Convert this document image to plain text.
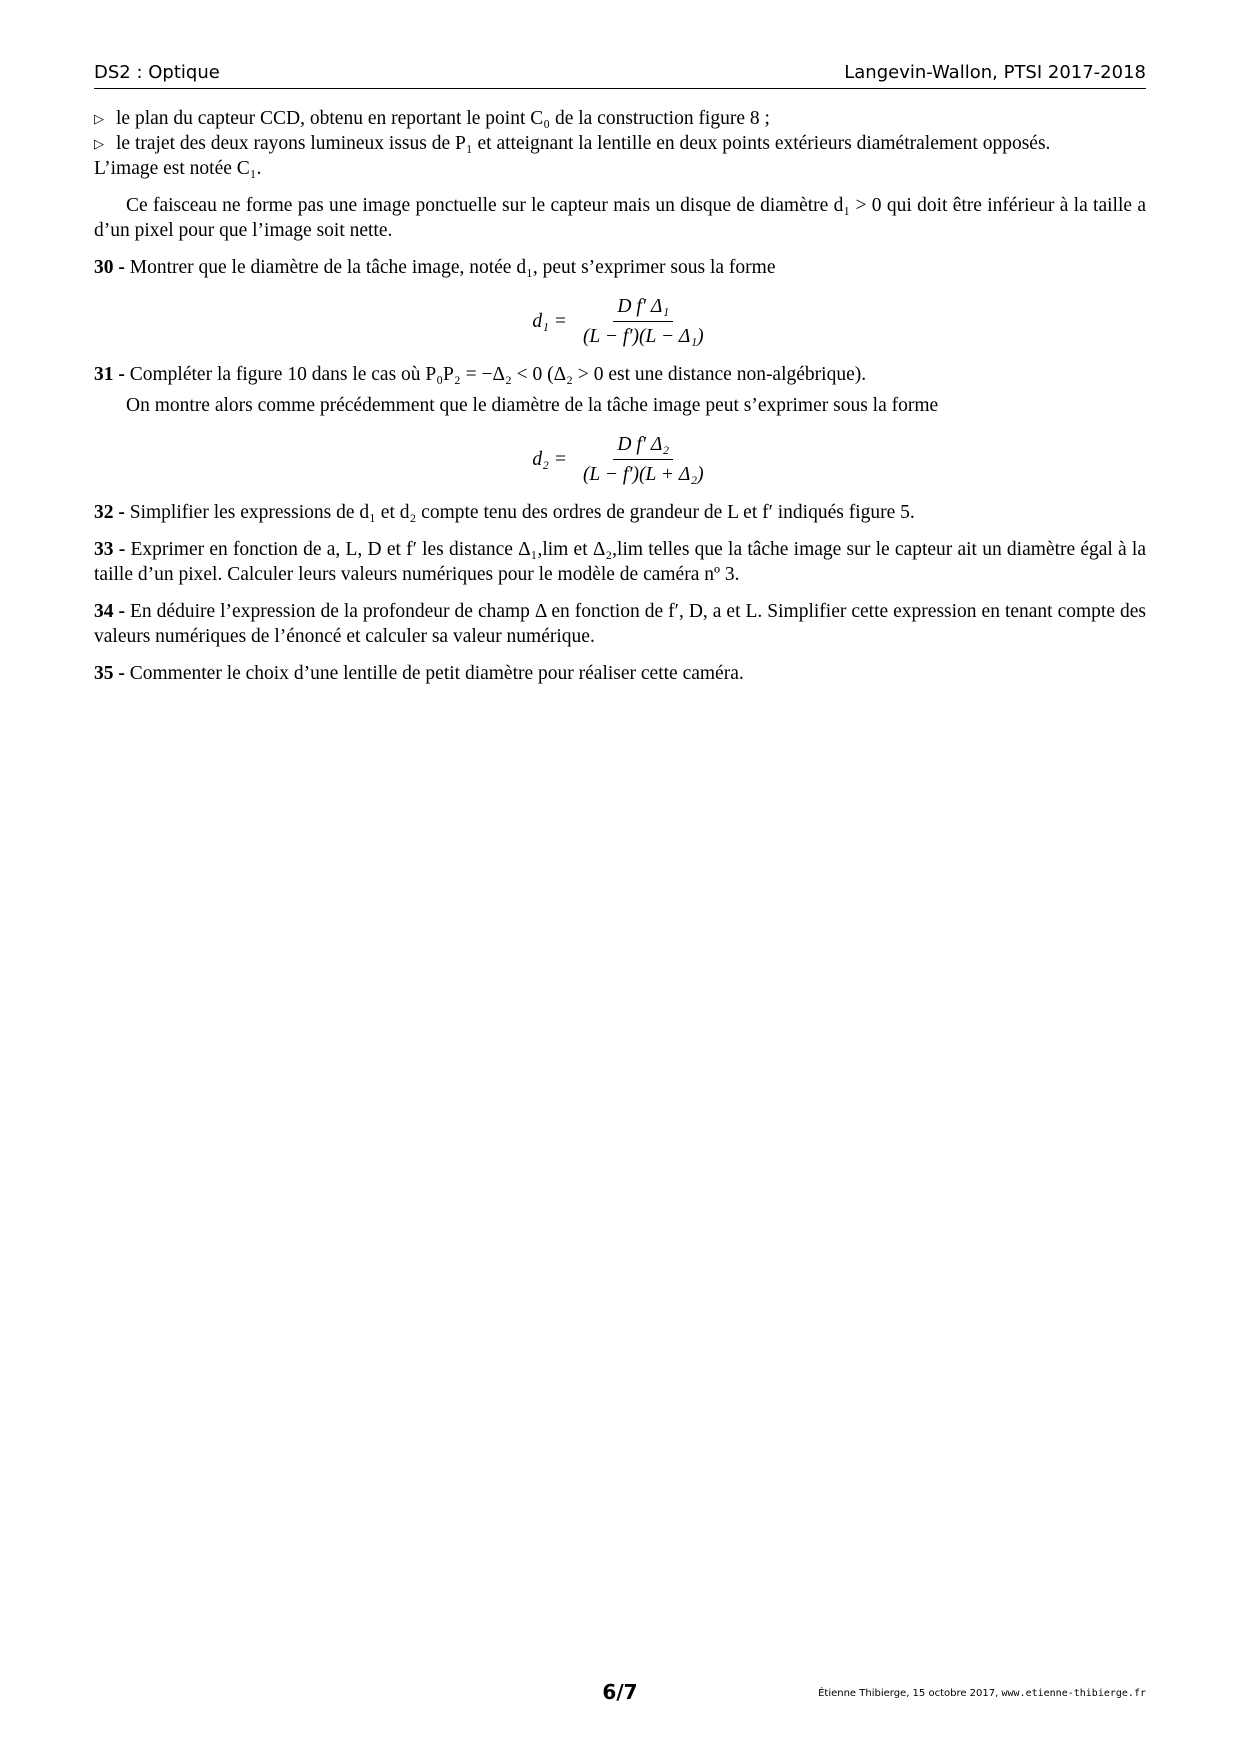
DS2 : Optique	Langevin-Wallon, PTSI 2017-2018
▷ le plan du capteur CCD, obtenu en reportant le point C₀ de la construction figure 8 ;
▷ le trajet des deux rayons lumineux issus de P₁ et atteignant la lentille en deux points extérieurs diamétralement opposés.

L’image est notée C₁.

Ce faisceau ne forme pas une image ponctuelle sur le capteur mais un disque de diamètre d₁ > 0 qui doit être inférieur à la taille a d’un pixel pour que l’image soit nette.

30 - Montrer que le diamètre de la tâche image, notée d₁, peut s’exprimer sous la forme

$d_1 = \frac{\text{D f′ Δ₁}}{\text{(L − f′)(L − Δ₁)}}$

31 - Compléter la figure 10 dans le cas où P₀P₂ = −Δ₂ < 0 (Δ₂ > 0 est une distance non-algébrique).

On montre alors comme précédemment que le diamètre de la tâche image peut s’exprimer sous la forme

$d_2 = \frac{\text{D f′ Δ₂}}{\text{(L − f′)(L + Δ₂)}}$

32 - Simplifier les expressions de d₁ et d₂ compte tenu des ordres de grandeur de L et f′ indiqués figure 5.

33 - Exprimer en fonction de a, L, D et f′ les distance Δ₁,lim et Δ₂,lim telles que la tâche image sur le capteur ait un diamètre égal à la taille d’un pixel. Calculer leurs valeurs numériques pour le modèle de caméra nº 3.

34 - En déduire l’expression de la profondeur de champ Δ en fonction de f′, D, a et L. Simplifier cette expression en tenant compte des valeurs numériques de l’énoncé et calculer sa valeur numérique.

35 - Commenter le choix d’une lentille de petit diamètre pour réaliser cette caméra.

6/7	Étienne Thibierge, 15 octobre 2017, www.etienne-thibierge.fr
